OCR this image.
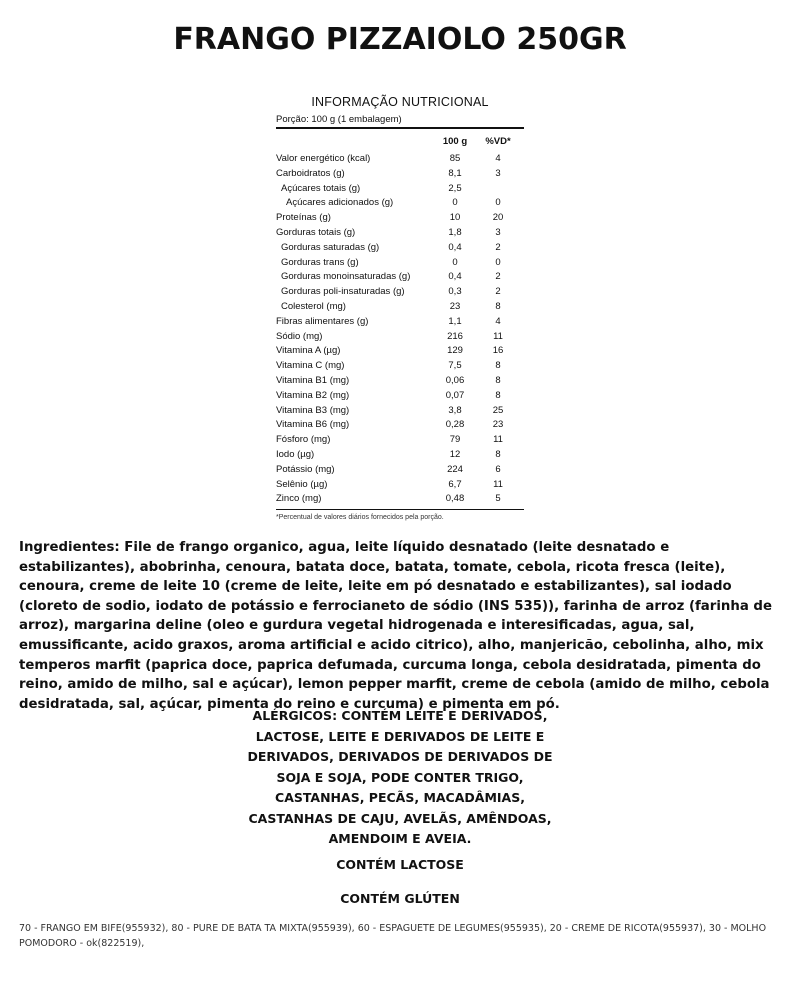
FRANGO PIZZAIOLO 250GR
INFORMAÇÃO NUTRICIONAL
Porção: 100 g (1 embalagem)
100 g	%VD*
Valor energético (kcal)	85	4
Carboidratos (g)	8,1	3
Açúcares totais (g)	2,5
Açúcares adicionados (g)	0	0
Proteínas (g)	10	20
Gorduras totais (g)	1,8	3
Gorduras saturadas (g)	0,4	2
Gorduras trans (g)	0	0
Gorduras monoinsaturadas (g)	0,4	2
Gorduras poli-insaturadas (g)	0,3	2
Colesterol (mg)	23	8
Fibras alimentares (g)	1,1	4
Sódio (mg)	216	11
Vitamina A (µg)	129	16
Vitamina C (mg)	7,5	8
Vitamina B1 (mg)	0,06	8
Vitamina B2 (mg)	0,07	8
Vitamina B3 (mg)	3,8	25
Vitamina B6 (mg)	0,28	23
Fósforo (mg)	79	11
Iodo (µg)	12	8
Potássio (mg)	224	6
Selênio (µg)	6,7	11
Zinco (mg)	0,48	5
*Percentual de valores diários fornecidos pela porção.
Ingredientes: File de frango organico, agua, leite líquido desnatado (leite desnatado e estabilizantes), abobrinha, cenoura, batata doce, batata, tomate, cebola, ricota fresca (leite), cenoura, creme de leite 10 (creme de leite, leite em pó desnatado e estabilizantes), sal iodado (cloreto de sodio, iodato de potássio e ferrocianeto de sódio (INS 535)), farinha de arroz (farinha de arroz), margarina deline (oleo e gurdura vegetal hidrogenada e interesificadas, agua, sal, emussificante, acido graxos, aroma artificial e acido citrico), alho, manjericão, cebolinha, alho, mix temperos marfit (paprica doce, paprica defumada, curcuma longa, cebola desidratada, pimenta do reino, amido de milho, sal e açúcar), lemon pepper marfit, creme de cebola (amido de milho, cebola desidratada, sal, açúcar, pimenta do reino e curcuma) e pimenta em pó.
ALÉRGICOS: CONTÉM LEITE E DERIVADOS, LACTOSE, LEITE E DERIVADOS DE LEITE E DERIVADOS, DERIVADOS DE DERIVADOS DE SOJA E SOJA, PODE CONTER TRIGO, CASTANHAS, PECÃS, MACADÂMIAS, CASTANHAS DE CAJU, AVELÃS, AMÊNDOAS, AMENDOIM E AVEIA.
CONTÉM LACTOSE
CONTÉM GLÚTEN
70 - FRANGO EM BIFE(955932), 80 - PURE DE BATA TA MIXTA(955939), 60 - ESPAGUETE DE LEGUMES(955935), 20 - CREME DE RICOTA(955937), 30 - MOLHO POMODORO - ok(822519),
